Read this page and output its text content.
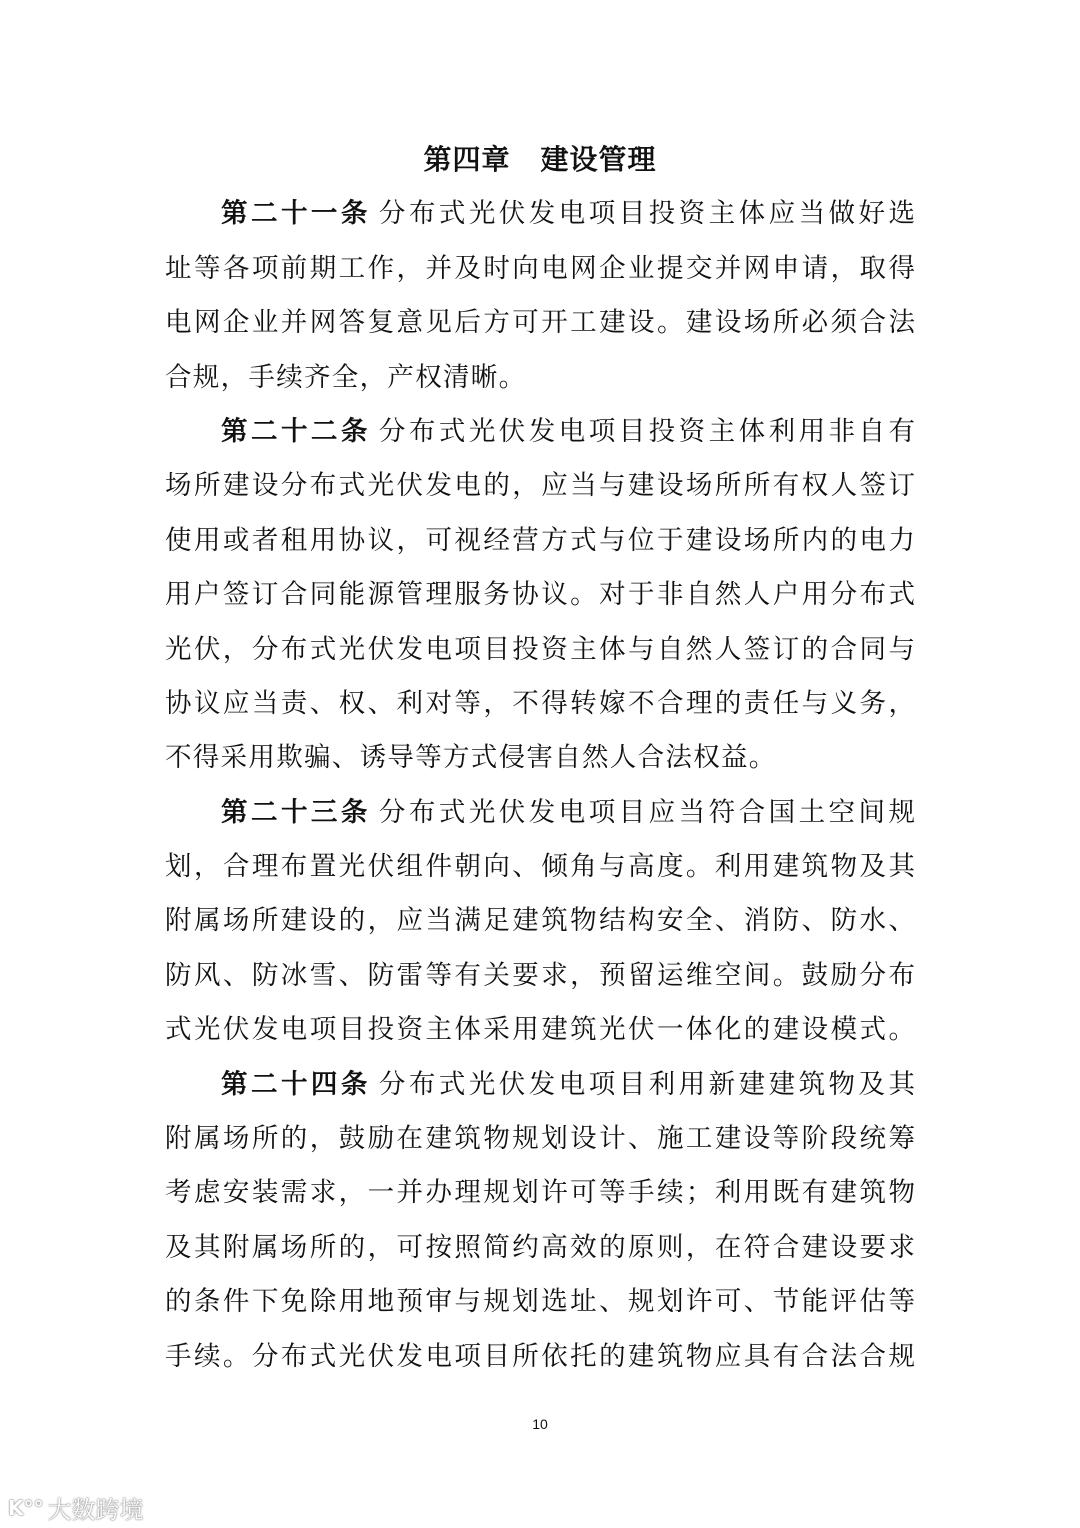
第四章 建设管理
第二十一条 分布式光伏发电项目投资主体应当做好选
址等各项前期工作，并及时向电网企业提交并网申请，取得
电网企业并网答复意见后方可开工建设。建设场所必须合法
合规，手续齐全，产权清晰。
第二十二条 分布式光伏发电项目投资主体利用非自有
场所建设分布式光伏发电的，应当与建设场所所有权人签订
使用或者租用协议，可视经营方式与位于建设场所内的电力
用户签订合同能源管理服务协议。对于非自然人户用分布式
光伏，分布式光伏发电项目投资主体与自然人签订的合同与
协议应当责、权、利对等，不得转嫁不合理的责任与义务，
不得采用欺骗、诱导等方式侵害自然人合法权益。
第二十三条 分布式光伏发电项目应当符合国土空间规
划，合理布置光伏组件朝向、倾角与高度。利用建筑物及其
附属场所建设的，应当满足建筑物结构安全、消防、防水、
防风、防冰雪、防雷等有关要求，预留运维空间。鼓励分布
式光伏发电项目投资主体采用建筑光伏一体化的建设模式。
第二十四条 分布式光伏发电项目利用新建建筑物及其
附属场所的，鼓励在建筑物规划设计、施工建设等阶段统筹
考虑安装需求，一并办理规划许可等手续；利用既有建筑物
及其附属场所的，可按照简约高效的原则，在符合建设要求
的条件下免除用地预审与规划选址、规划许可、节能评估等
手续。分布式光伏发电项目所依托的建筑物应具有合法合规
10
K°° 大数跨境
